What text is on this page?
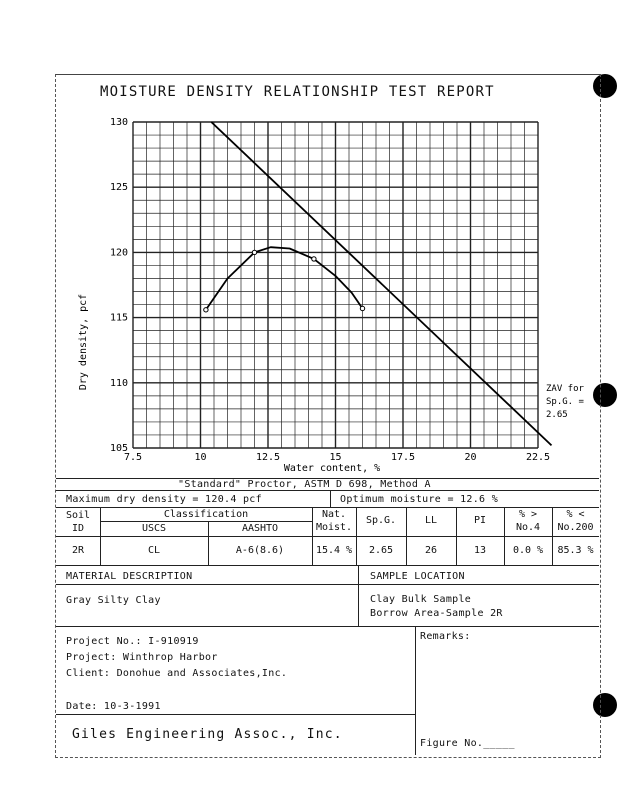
MOISTURE DENSITY RELATIONSHIP TEST REPORT
7.5	10	12.5	15	17.5	20	22.5
130
125
120
115
110
105
Dry density, pcf
Water content, %
ZAV for
Sp.G. =
2.65
"Standard" Proctor, ASTM D 698, Method A
Maximum dry density = 120.4 pcf	Optimum moisture = 12.6 %
Soil
ID
Classification
USCS	AASHTO
Nat.
Moist.
Sp.G.	LL	PI
% >
No.4
% <
No.200
2R	CL	A-6(8.6)	15.4 %	2.65	26	13	0.0 %	85.3 %
MATERIAL DESCRIPTION	SAMPLE LOCATION
Gray Silty Clay	Clay Bulk Sample
Borrow Area-Sample 2R
Project No.: I-910919
Project: Winthrop Harbor
Client: Donohue and Associates,Inc.
Date: 10-3-1991
Giles Engineering Assoc., Inc.
Remarks:
Figure No._____
